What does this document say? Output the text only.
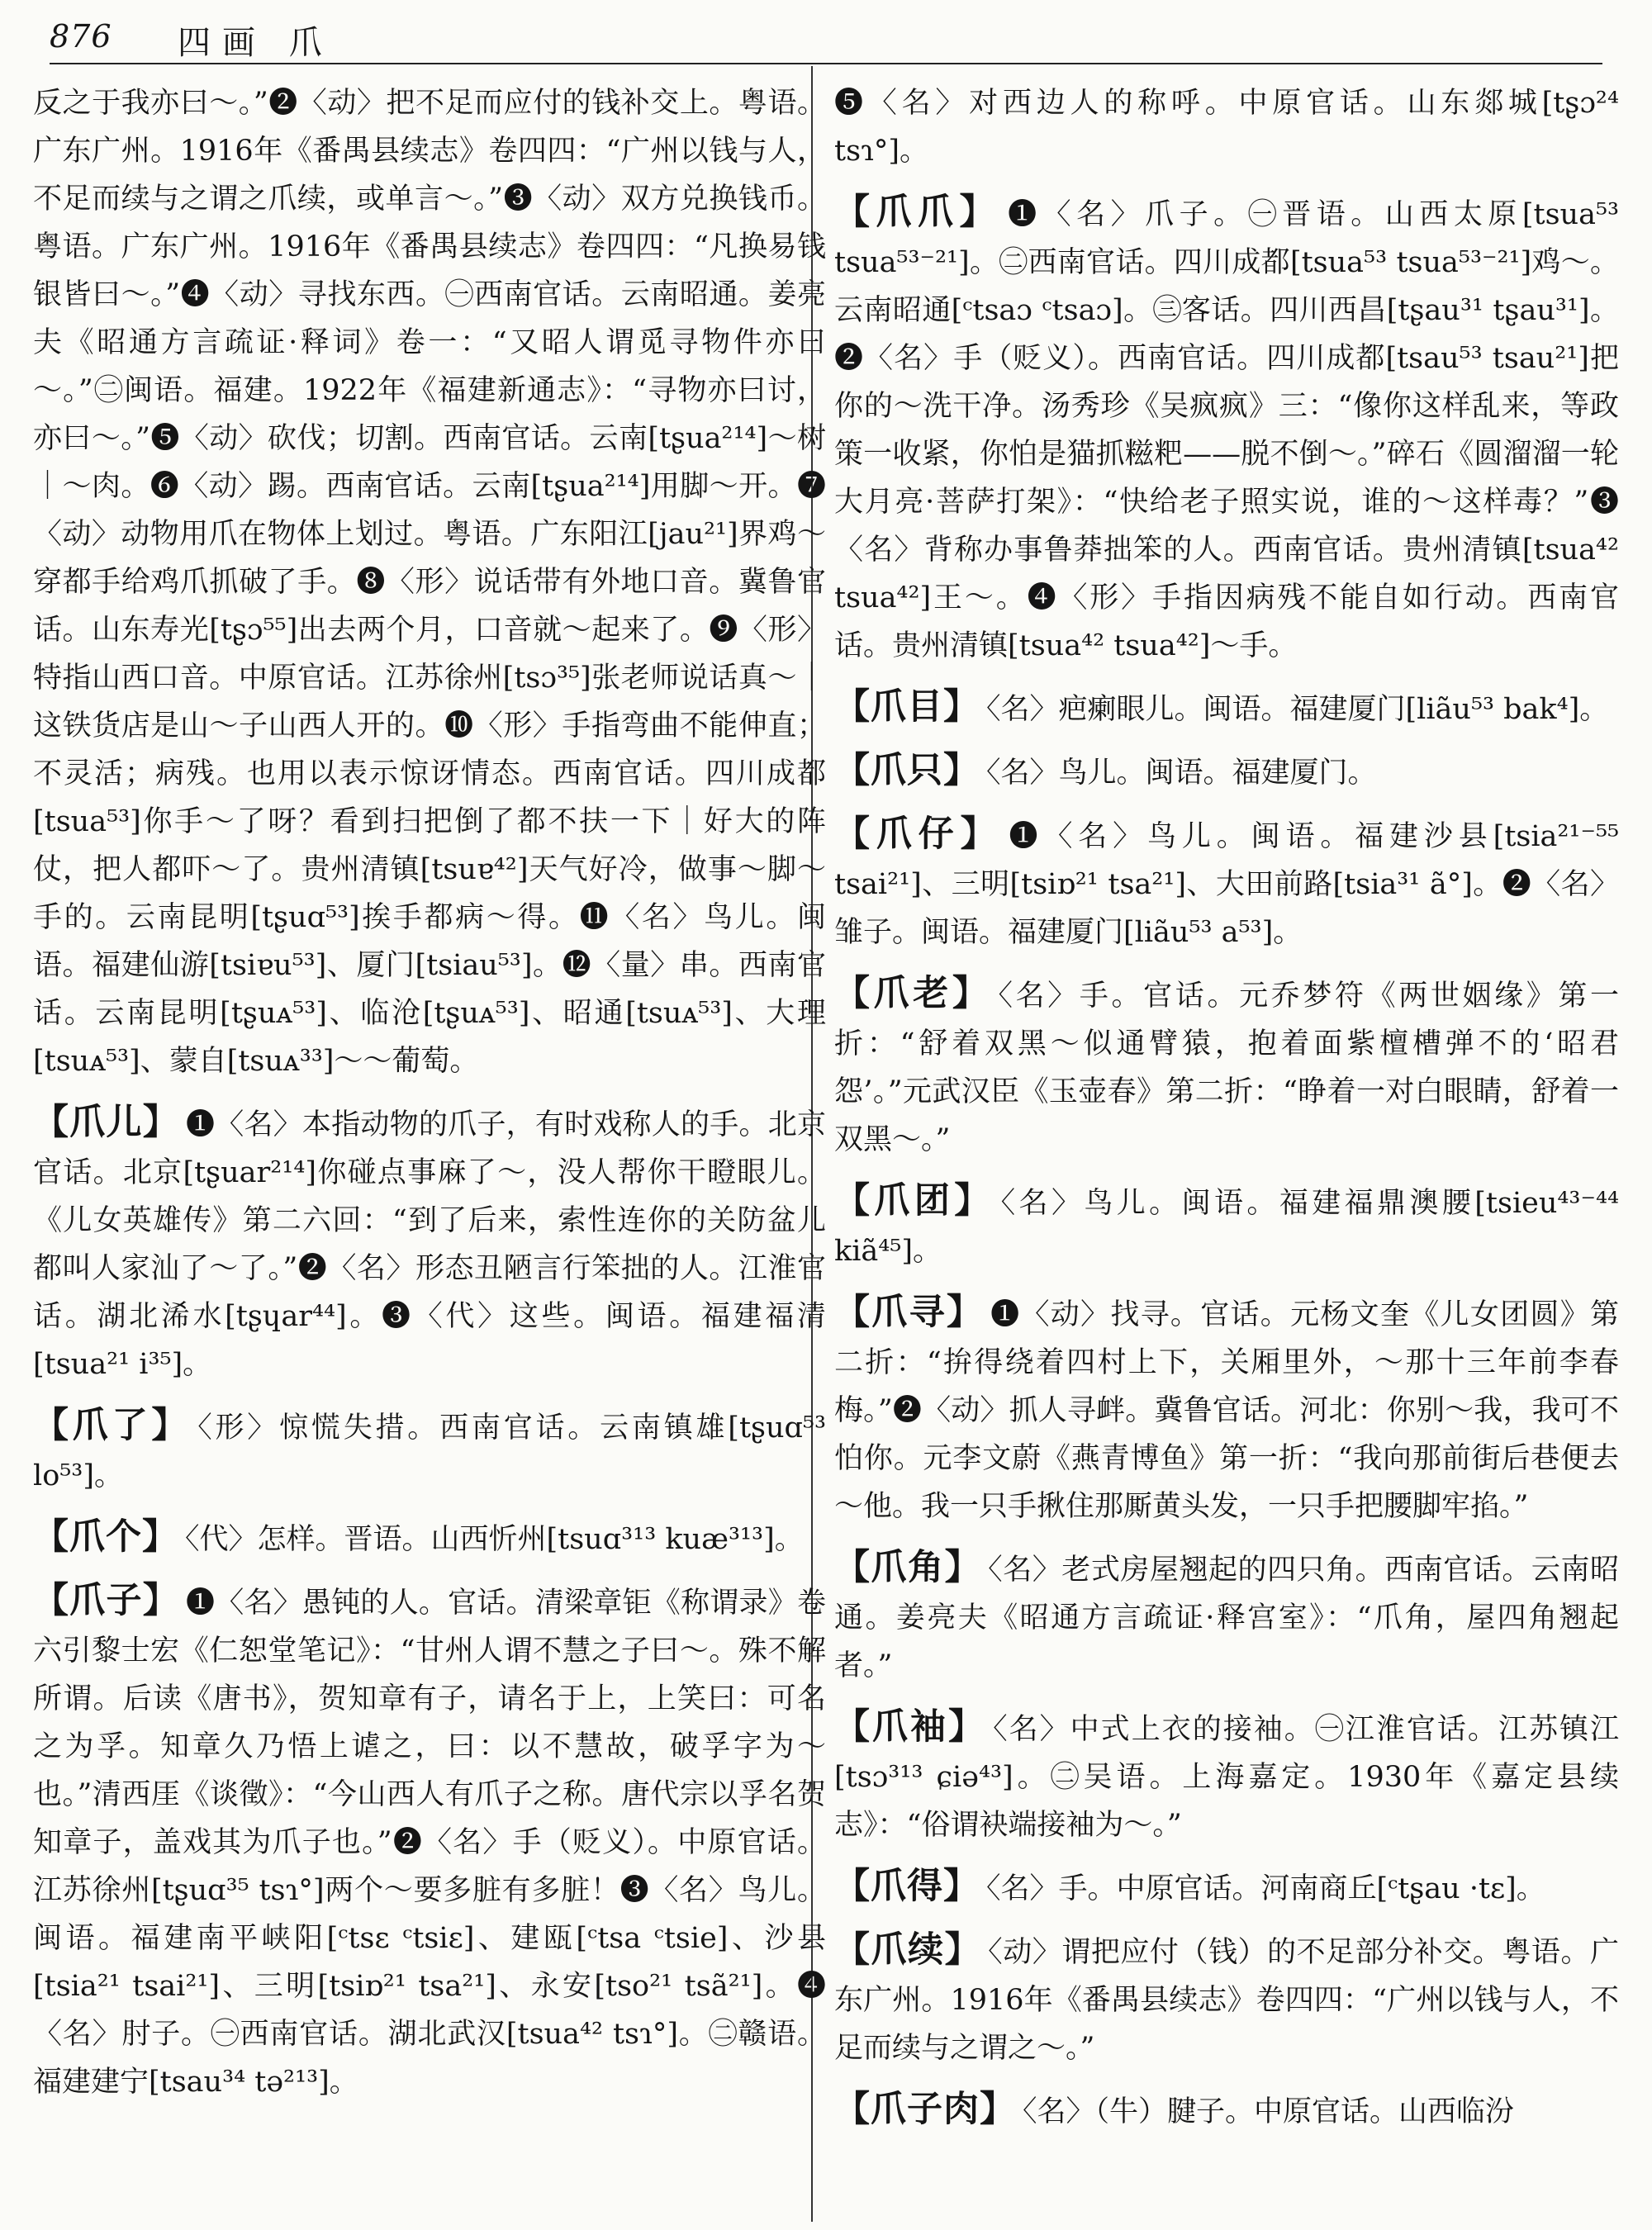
876 四画 爪

反之于我亦曰～。”❷〈动〉把不足而应付的钱补交上。粤语。广东广州。1916年《番禺县续志》卷四四：“广州以钱与人，不足而续与之谓之爪续，或单言～。”❸〈动〉双方兑换钱币。粤语。广东广州。1916年《番禺县续志》卷四四：“凡换易钱银皆曰～。”❹〈动〉寻找东西。㊀西南官话。云南昭通。姜亮夫《昭通方言疏证·释词》卷一：“又昭人谓觅寻物件亦曰～。”㊁闽语。福建。1922年《福建新通志》：“寻物亦曰讨，亦曰～。”❺〈动〉砍伐；切割。西南官话。云南[tʂua²¹⁴]～树｜～肉。❻〈动〉踢。西南官话。云南[tʂua²¹⁴]用脚～开。❼〈动〉动物用爪在物体上划过。粤语。广东阳江[jau²¹]界鸡～穿都手给鸡爪抓破了手。❽〈形〉说话带有外地口音。冀鲁官话。山东寿光[tʂɔ⁵⁵]出去两个月，口音就～起来了。❾〈形〉特指山西口音。中原官话。江苏徐州[tsɔ³⁵]张老师说话真～｜这铁货店是山～子山西人开的。❿〈形〉手指弯曲不能伸直；不灵活；病残。也用以表示惊讶情态。西南官话。四川成都[tsua⁵³]你手～了呀？看到扫把倒了都不扶一下｜好大的阵仗，把人都吓～了。贵州清镇[tsuɐ⁴²]天气好冷，做事～脚～手的。云南昆明[tʂuɑ⁵³]挨手都病～得。⓫〈名〉鸟儿。闽语。福建仙游[tsiɐu⁵³]、厦门[tsiau⁵³]。⓬〈量〉串。西南官话。云南昆明[tʂuᴀ⁵³]、临沧[tʂuᴀ⁵³]、昭通[tsuᴀ⁵³]、大理[tsuᴀ⁵³]、蒙自[tsuᴀ³³]～～葡萄。

【爪儿】 ❶〈名〉本指动物的爪子，有时戏称人的手。北京官话。北京[tʂuar²¹⁴]你碰点事麻了～，没人帮你干瞪眼儿。《儿女英雄传》第二六回：“到了后来，索性连你的关防盆儿都叫人家汕了～了。”❷〈名〉形态丑陋言行笨拙的人。江淮官话。湖北浠水[tʂɥar⁴⁴]。❸〈代〉这些。闽语。福建福清[tsua²¹ i³⁵]。

【爪了】 〈形〉惊慌失措。西南官话。云南镇雄[tʂuɑ⁵³ lo⁵³]。

【爪个】 〈代〉怎样。晋语。山西忻州[tsuɑ³¹³ kuæ³¹³]。

【爪子】 ❶〈名〉愚钝的人。官话。清梁章钜《称谓录》卷六引黎士宏《仁恕堂笔记》：“甘州人谓不慧之子曰～。殊不解所谓。后读《唐书》，贺知章有子，请名于上，上笑曰：可名之为孚。知章久乃悟上谑之，曰：以不慧故，破孚字为～也。”清西厓《谈徵》：“今山西人有爪子之称。唐代宗以孚名贺知章子，盖戏其为爪子也。”❷〈名〉手（贬义）。中原官话。江苏徐州[tʂuɑ³⁵ tsɿ°]两个～要多脏有多脏！❸〈名〉鸟儿。闽语。福建南平峡阳[ᶜtsɛ ᶜtsiɛ]、建瓯[ᶜtsa ᶜtsie]、沙县[tsia²¹ tsai²¹]、三明[tsiɒ²¹ tsa²¹]、永安[tso²¹ tsã²¹]。❹〈名〉肘子。㊀西南官话。湖北武汉[tsua⁴² tsɿ°]。㊁赣语。福建建宁[tsau³⁴ tə²¹³]。

❺〈名〉对西边人的称呼。中原官话。山东郯城[tʂɔ²⁴ tsɿ°]。

【爪爪】 ❶〈名〉爪子。㊀晋语。山西太原[tsua⁵³ tsua⁵³⁻²¹]。㊁西南官话。四川成都[tsua⁵³ tsua⁵³⁻²¹]鸡～。云南昭通[ᶜtsaɔ ᶜtsaɔ]。㊂客话。四川西昌[tʂau³¹ tʂau³¹]。❷〈名〉手（贬义）。西南官话。四川成都[tsau⁵³ tsau²¹]把你的～洗干净。汤秀珍《吴疯疯》三：“像你这样乱来，等政策一收紧，你怕是猫抓糍粑——脱不倒～。”碎石《圆溜溜一轮大月亮·菩萨打架》：“快给老子照实说，谁的～这样毒？”❸〈名〉背称办事鲁莽拙笨的人。西南官话。贵州清镇[tsua⁴² tsua⁴²]王～。❹〈形〉手指因病残不能自如行动。西南官话。贵州清镇[tsua⁴² tsua⁴²]～手。

【爪目】 〈名〉疤瘌眼儿。闽语。福建厦门[liãu⁵³ bak⁴]。

【爪只】 〈名〉鸟儿。闽语。福建厦门。

【爪仔】 ❶〈名〉鸟儿。闽语。福建沙县[tsia²¹⁻⁵⁵ tsai²¹]、三明[tsiɒ²¹ tsa²¹]、大田前路[tsia³¹ ã°]。❷〈名〉雏子。闽语。福建厦门[liãu⁵³ a⁵³]。

【爪老】 〈名〉手。官话。元乔梦符《两世姻缘》第一折：“舒着双黑～似通臂猿，抱着面紫檀槽弹不的‘昭君怨’。”元武汉臣《玉壶春》第二折：“睁着一对白眼睛，舒着一双黑～。”

【爪团】 〈名〉鸟儿。闽语。福建福鼎澳腰[tsieu⁴³⁻⁴⁴ kiã⁴⁵]。

【爪寻】 ❶〈动〉找寻。官话。元杨文奎《儿女团圆》第二折：“拚得绕着四村上下，关厢里外，～那十三年前李春梅。”❷〈动〉抓人寻衅。冀鲁官话。河北：你别～我，我可不怕你。元李文蔚《燕青博鱼》第一折：“我向那前街后巷便去～他。我一只手揪住那厮黄头发，一只手把腰脚牢掐。”

【爪角】 〈名〉老式房屋翘起的四只角。西南官话。云南昭通。姜亮夫《昭通方言疏证·释宫室》：“爪角，屋四角翘起者。”

【爪袖】 〈名〉中式上衣的接袖。㊀江淮官话。江苏镇江[tsɔ³¹³ ɕiə⁴³]。㊁吴语。上海嘉定。1930年《嘉定县续志》：“俗谓袂端接袖为～。”

【爪得】 〈名〉手。中原官话。河南商丘[ᶜtʂau ·tɛ]。

【爪续】 〈动〉谓把应付（钱）的不足部分补交。粤语。广东广州。1916年《番禺县续志》卷四四：“广州以钱与人，不足而续与之谓之～。”

【爪子肉】 〈名〉（牛）腱子。中原官话。山西临汾
